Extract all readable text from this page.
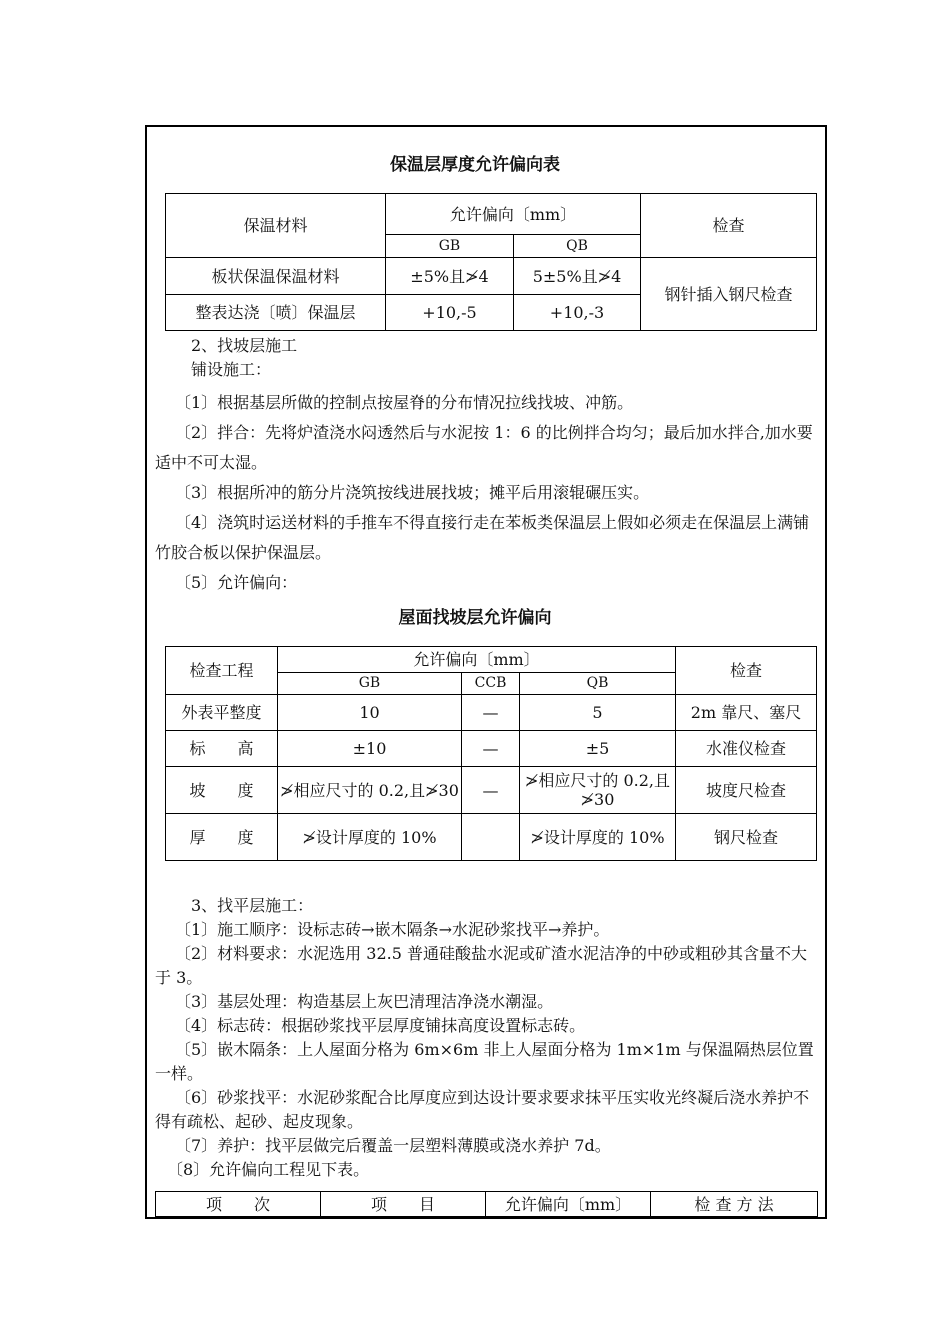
保温层厚度允许偏向表
保温材料	允许偏向〔mm〕		检查
	GB	QB	
板状保温保温材料	±5%且≯4	5±5%且≯4	钢针插入钢尺检查
整表达浇〔喷〕保温层	+10,-5	+10,-3	
2、找坡层施工
铺设施工：
〔1〕根据基层所做的控制点按屋脊的分布情况拉线找坡、冲筋。
〔2〕拌合：先将炉渣浇水闷透然后与水泥按 1：6 的比例拌合均匀；最后加水拌合,加水要适中不可太湿。
〔3〕根据所冲的筋分片浇筑按线进展找坡；摊平后用滚辊碾压实。
〔4〕浇筑时运送材料的手推车不得直接行走在苯板类保温层上假如必须走在保温层上满铺竹胶合板以保护保温层。
〔5〕允许偏向：
屋面找坡层允许偏向
检查工程	允许偏向〔mm〕			检查
	GB	CCB	QB	
外表平整度	10	—	5	2m 靠尺、塞尺
标　　高	±10	—	±5	水准仪检查
坡　　度	≯相应尺寸的 0.2,且≯30	—	≯相应尺寸的 0.2,且≯30	坡度尺检查
厚　　度	≯设计厚度的 10%		≯设计厚度的 10%	钢尺检查
3、找平层施工：
〔1〕施工顺序：设标志砖→嵌木隔条→水泥砂浆找平→养护。
〔2〕材料要求：水泥选用 32.5 普通硅酸盐水泥或矿渣水泥洁净的中砂或粗砂其含量不大于 3。
〔3〕基层处理：构造基层上灰巴清理洁净浇水潮湿。
〔4〕标志砖：根据砂浆找平层厚度铺抹高度设置标志砖。
〔5〕嵌木隔条：上人屋面分格为 6m×6m 非上人屋面分格为 1m×1m 与保温隔热层位置一样。
〔6〕砂浆找平：水泥砂浆配合比厚度应到达设计要求要求抹平压实收光终凝后浇水养护不得有疏松、起砂、起皮现象。
〔7〕养护：找平层做完后覆盖一层塑料薄膜或浇水养护 7d。
〔8〕允许偏向工程见下表。
项　　次	项　　目	允许偏向〔mm〕	检 查 方 法
